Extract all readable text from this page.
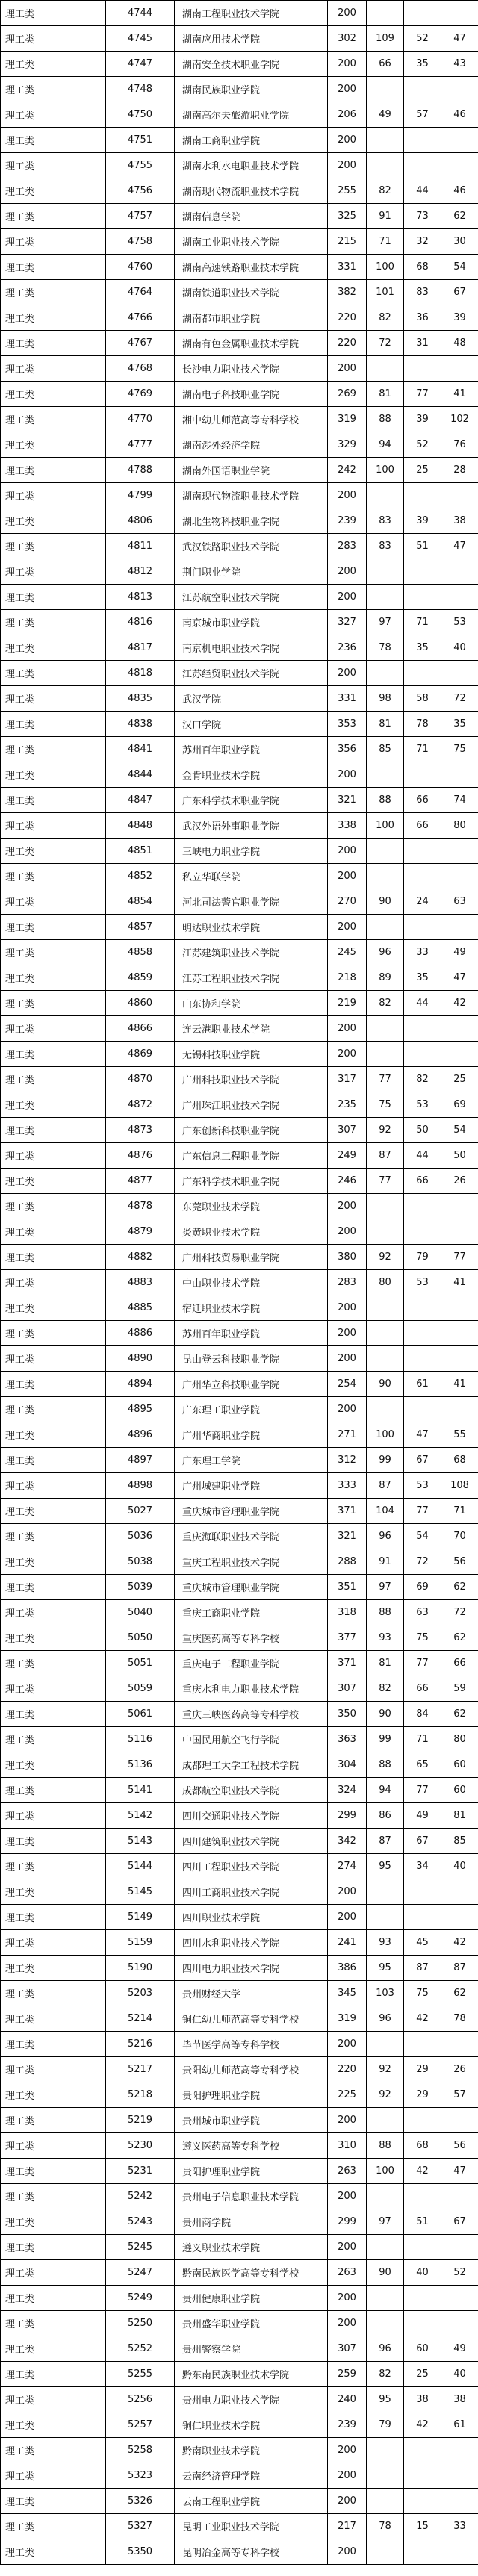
理工类	4744	湖南工程职业技术学院	200			
理工类	4745	湖南应用技术学院	302	109	52	47
理工类	4747	湖南安全技术职业学院	200	66	35	43
理工类	4748	湖南民族职业学院	200			
理工类	4750	湖南高尔夫旅游职业学院	206	49	57	46
理工类	4751	湖南工商职业学院	200			
理工类	4755	湖南水利水电职业技术学院	200			
理工类	4756	湖南现代物流职业技术学院	255	82	44	46
理工类	4757	湖南信息学院	325	91	73	62
理工类	4758	湖南工业职业技术学院	215	71	32	30
理工类	4760	湖南高速铁路职业技术学院	331	100	68	54
理工类	4764	湖南铁道职业技术学院	382	101	83	67
理工类	4766	湖南都市职业学院	220	82	36	39
理工类	4767	湖南有色金属职业技术学院	220	72	31	48
理工类	4768	长沙电力职业技术学院	200			
理工类	4769	湖南电子科技职业学院	269	81	77	41
理工类	4770	湘中幼儿师范高等专科学校	319	88	39	102
理工类	4777	湖南涉外经济学院	329	94	52	76
理工类	4788	湖南外国语职业学院	242	100	25	28
理工类	4799	湖南现代物流职业技术学院	200			
理工类	4806	湖北生物科技职业学院	239	83	39	38
理工类	4811	武汉铁路职业技术学院	283	83	51	47
理工类	4812	荆门职业学院	200			
理工类	4813	江苏航空职业技术学院	200			
理工类	4816	南京城市职业学院	327	97	71	53
理工类	4817	南京机电职业技术学院	236	78	35	40
理工类	4818	江苏经贸职业技术学院	200			
理工类	4835	武汉学院	331	98	58	72
理工类	4838	汉口学院	353	81	78	35
理工类	4841	苏州百年职业学院	356	85	71	75
理工类	4844	金肯职业技术学院	200			
理工类	4847	广东科学技术职业学院	321	88	66	74
理工类	4848	武汉外语外事职业学院	338	100	66	80
理工类	4851	三峡电力职业学院	200			
理工类	4852	私立华联学院	200			
理工类	4854	河北司法警官职业学院	270	90	24	63
理工类	4857	明达职业技术学院	200			
理工类	4858	江苏建筑职业技术学院	245	96	33	49
理工类	4859	江苏工程职业技术学院	218	89	35	47
理工类	4860	山东协和学院	219	82	44	42
理工类	4866	连云港职业技术学院	200			
理工类	4869	无锡科技职业学院	200			
理工类	4870	广州科技职业技术学院	317	77	82	25
理工类	4872	广州珠江职业技术学院	235	75	53	69
理工类	4873	广东创新科技职业学院	307	92	50	54
理工类	4876	广东信息工程职业学院	249	87	44	50
理工类	4877	广东科学技术职业学院	246	77	66	26
理工类	4878	东莞职业技术学院	200			
理工类	4879	炎黄职业技术学院	200			
理工类	4882	广州科技贸易职业学院	380	92	79	77
理工类	4883	中山职业技术学院	283	80	53	41
理工类	4885	宿迁职业技术学院	200			
理工类	4886	苏州百年职业学院	200			
理工类	4890	昆山登云科技职业学院	200			
理工类	4894	广州华立科技职业学院	254	90	61	41
理工类	4895	广东理工职业学院	200			
理工类	4896	广州华商职业学院	271	100	47	55
理工类	4897	广东理工学院	312	99	67	68
理工类	4898	广州城建职业学院	333	87	53	108
理工类	5027	重庆城市管理职业学院	371	104	77	71
理工类	5036	重庆海联职业技术学院	321	96	54	70
理工类	5038	重庆工程职业技术学院	288	91	72	56
理工类	5039	重庆城市管理职业学院	351	97	69	62
理工类	5040	重庆工商职业学院	318	88	63	72
理工类	5050	重庆医药高等专科学校	377	93	75	62
理工类	5051	重庆电子工程职业学院	371	81	77	66
理工类	5059	重庆水利电力职业技术学院	307	82	66	59
理工类	5061	重庆三峡医药高等专科学校	350	90	84	62
理工类	5116	中国民用航空飞行学院	363	99	71	80
理工类	5136	成都理工大学工程技术学院	304	88	65	60
理工类	5141	成都航空职业技术学院	324	94	77	60
理工类	5142	四川交通职业技术学院	299	86	49	81
理工类	5143	四川建筑职业技术学院	342	87	67	85
理工类	5144	四川工程职业技术学院	274	95	34	40
理工类	5145	四川工商职业技术学院	200			
理工类	5149	四川职业技术学院	200			
理工类	5159	四川水利职业技术学院	241	93	45	42
理工类	5190	四川电力职业技术学院	386	95	87	87
理工类	5203	贵州财经大学	345	103	75	62
理工类	5214	铜仁幼儿师范高等专科学校	319	96	42	78
理工类	5216	毕节医学高等专科学校	200			
理工类	5217	贵阳幼儿师范高等专科学校	220	92	29	26
理工类	5218	贵阳护理职业学院	225	92	29	57
理工类	5219	贵州城市职业学院	200			
理工类	5230	遵义医药高等专科学校	310	88	68	56
理工类	5231	贵阳护理职业学院	263	100	42	47
理工类	5242	贵州电子信息职业技术学院	200			
理工类	5243	贵州商学院	299	97	51	67
理工类	5245	遵义职业技术学院	200			
理工类	5247	黔南民族医学高等专科学校	263	90	40	52
理工类	5249	贵州健康职业学院	200			
理工类	5250	贵州盛华职业学院	200			
理工类	5252	贵州警察学院	307	96	60	49
理工类	5255	黔东南民族职业技术学院	259	82	25	40
理工类	5256	贵州电力职业技术学院	240	95	38	38
理工类	5257	铜仁职业技术学院	239	79	42	61
理工类	5258	黔南职业技术学院	200			
理工类	5323	云南经济管理学院	200			
理工类	5326	云南工程职业学院	200			
理工类	5327	昆明工业职业技术学院	217	78	15	33
理工类	5350	昆明冶金高等专科学校	200			
